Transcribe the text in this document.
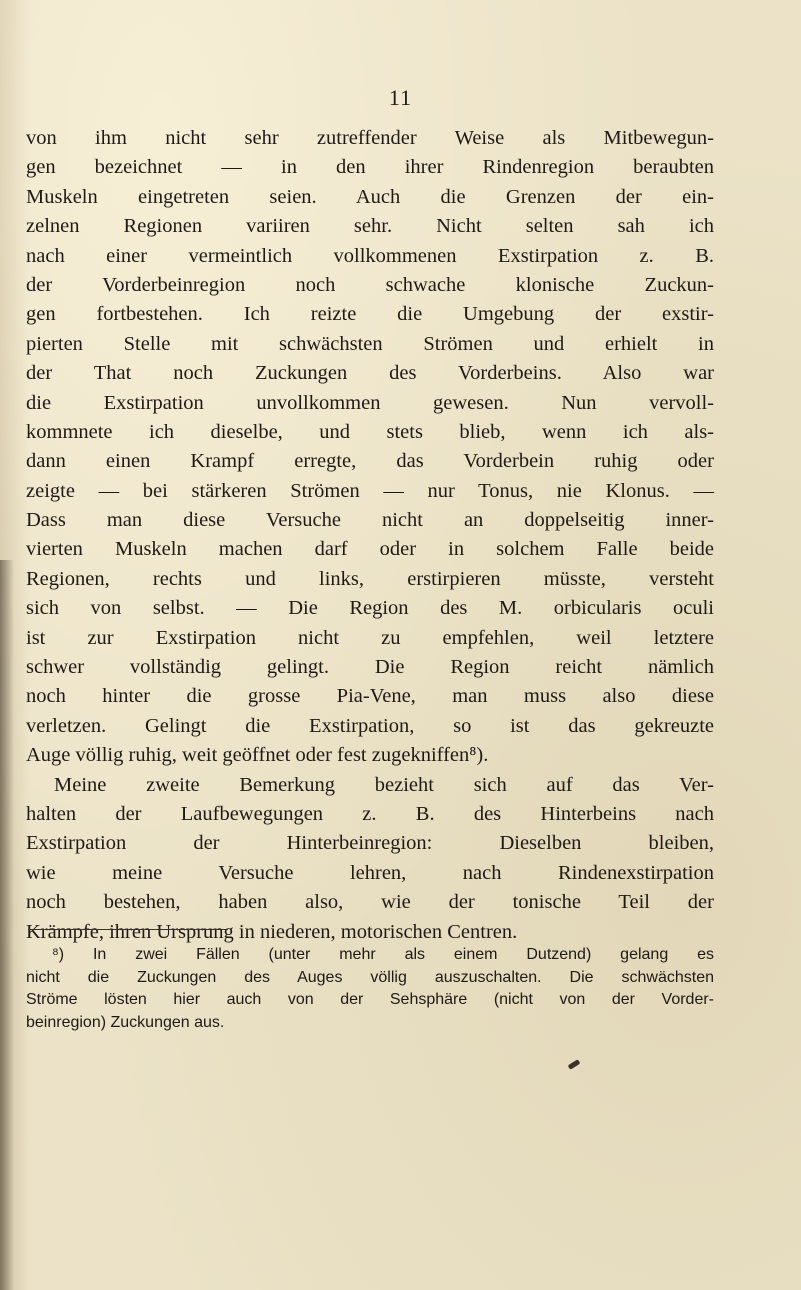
11
von ihm nicht sehr zutreffender Weise als Mitbewegun-
gen bezeichnet — in den ihrer Rindenregion beraubten
Muskeln eingetreten seien. Auch die Grenzen der ein-
zelnen Regionen variiren sehr. Nicht selten sah ich
nach einer vermeintlich vollkommenen Exstirpation z. B.
der Vorderbeinregion noch schwache klonische Zuckun-
gen fortbestehen. Ich reizte die Umgebung der exstir-
pierten Stelle mit schwächsten Strömen und erhielt in
der That noch Zuckungen des Vorderbeins. Also war
die Exstirpation unvollkommen gewesen. Nun vervoll-
kommnete ich dieselbe, und stets blieb, wenn ich als-
dann einen Krampf erregte, das Vorderbein ruhig oder
zeigte — bei stärkeren Strömen — nur Tonus, nie Klonus. —
Dass man diese Versuche nicht an doppelseitig inner-
vierten Muskeln machen darf oder in solchem Falle beide
Regionen, rechts und links, erstirpieren müsste, versteht
sich von selbst. — Die Region des M. orbicularis oculi
ist zur Exstirpation nicht zu empfehlen, weil letztere
schwer vollständig gelingt. Die Region reicht nämlich
noch hinter die grosse Pia-Vene, man muss also diese
verletzen. Gelingt die Exstirpation, so ist das gekreuzte
Auge völlig ruhig, weit geöffnet oder fest zugekniffen⁸).
Meine zweite Bemerkung bezieht sich auf das Ver-
halten der Laufbewegungen z. B. des Hinterbeins nach
Exstirpation der Hinterbeinregion: Dieselben bleiben,
wie meine Versuche lehren, nach Rindenexstirpation
noch bestehen, haben also, wie der tonische Teil der
Krämpfe, ihren Ursprung in niederen, motorischen Centren.
⁸) In zwei Fällen (unter mehr als einem Dutzend) gelang es
nicht die Zuckungen des Auges völlig auszuschalten. Die schwächsten
Ströme lösten hier auch von der Sehsphäre (nicht von der Vorder-
beinregion) Zuckungen aus.
